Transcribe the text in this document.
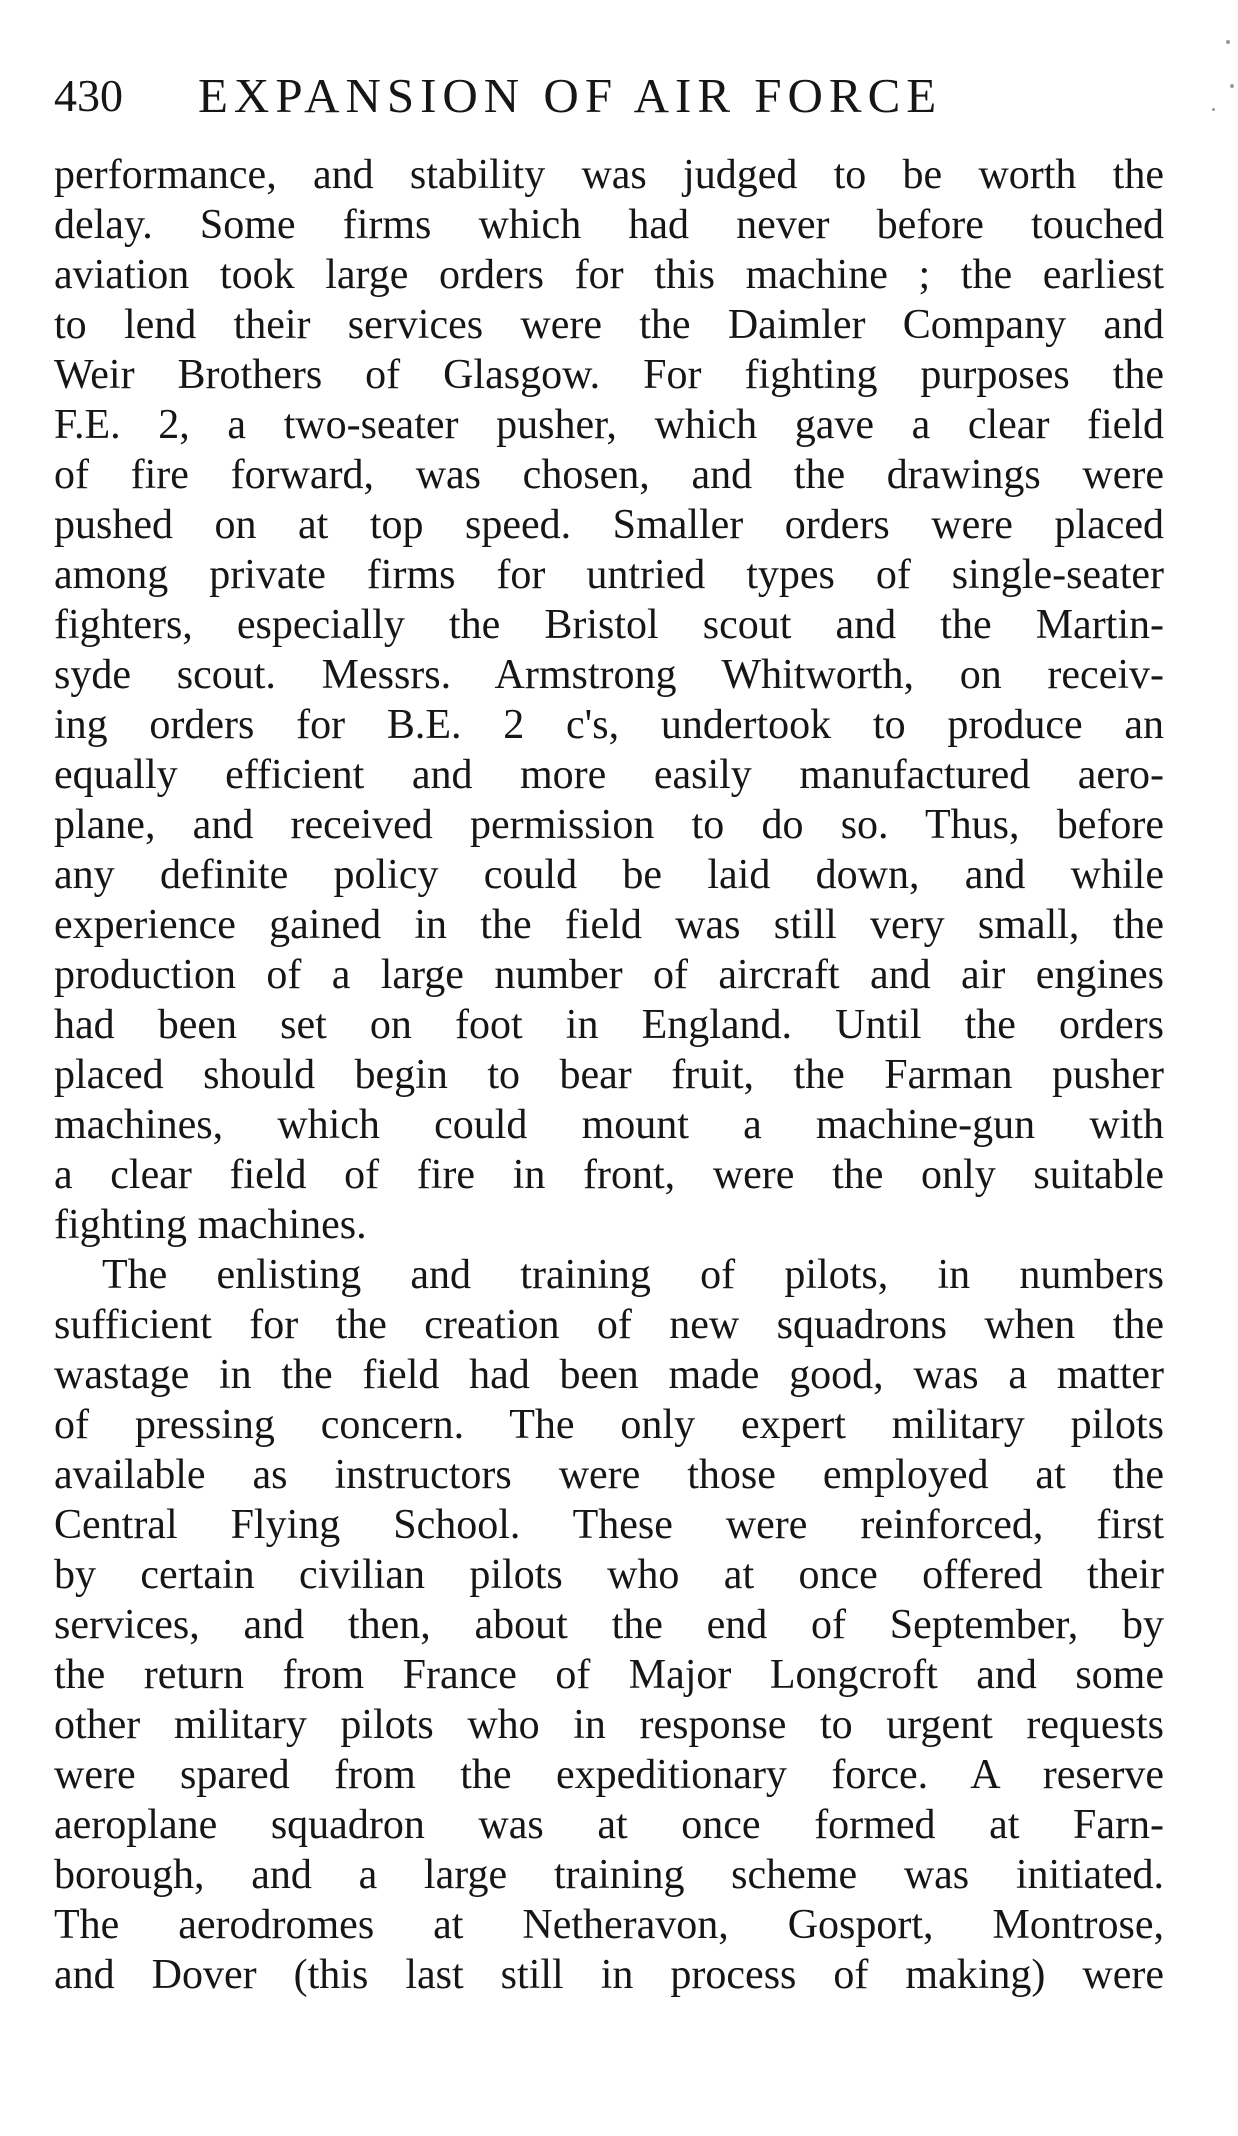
430 EXPANSION OF AIR FORCE
performance, and stability was judged to be worth the
delay. Some firms which had never before touched
aviation took large orders for this machine ; the earliest
to lend their services were the Daimler Company and
Weir Brothers of Glasgow. For fighting purposes the
F.E. 2, a two-seater pusher, which gave a clear field
of fire forward, was chosen, and the drawings were
pushed on at top speed. Smaller orders were placed
among private firms for untried types of single-seater
fighters, especially the Bristol scout and the Martin-
syde scout. Messrs. Armstrong Whitworth, on receiv-
ing orders for B.E. 2 c's, undertook to produce an
equally efficient and more easily manufactured aero-
plane, and received permission to do so. Thus, before
any definite policy could be laid down, and while
experience gained in the field was still very small, the
production of a large number of aircraft and air engines
had been set on foot in England. Until the orders
placed should begin to bear fruit, the Farman pusher
machines, which could mount a machine-gun with
a clear field of fire in front, were the only suitable
fighting machines.
The enlisting and training of pilots, in numbers
sufficient for the creation of new squadrons when the
wastage in the field had been made good, was a matter
of pressing concern. The only expert military pilots
available as instructors were those employed at the
Central Flying School. These were reinforced, first
by certain civilian pilots who at once offered their
services, and then, about the end of September, by
the return from France of Major Longcroft and some
other military pilots who in response to urgent requests
were spared from the expeditionary force. A reserve
aeroplane squadron was at once formed at Farn-
borough, and a large training scheme was initiated.
The aerodromes at Netheravon, Gosport, Montrose,
and Dover (this last still in process of making) were
